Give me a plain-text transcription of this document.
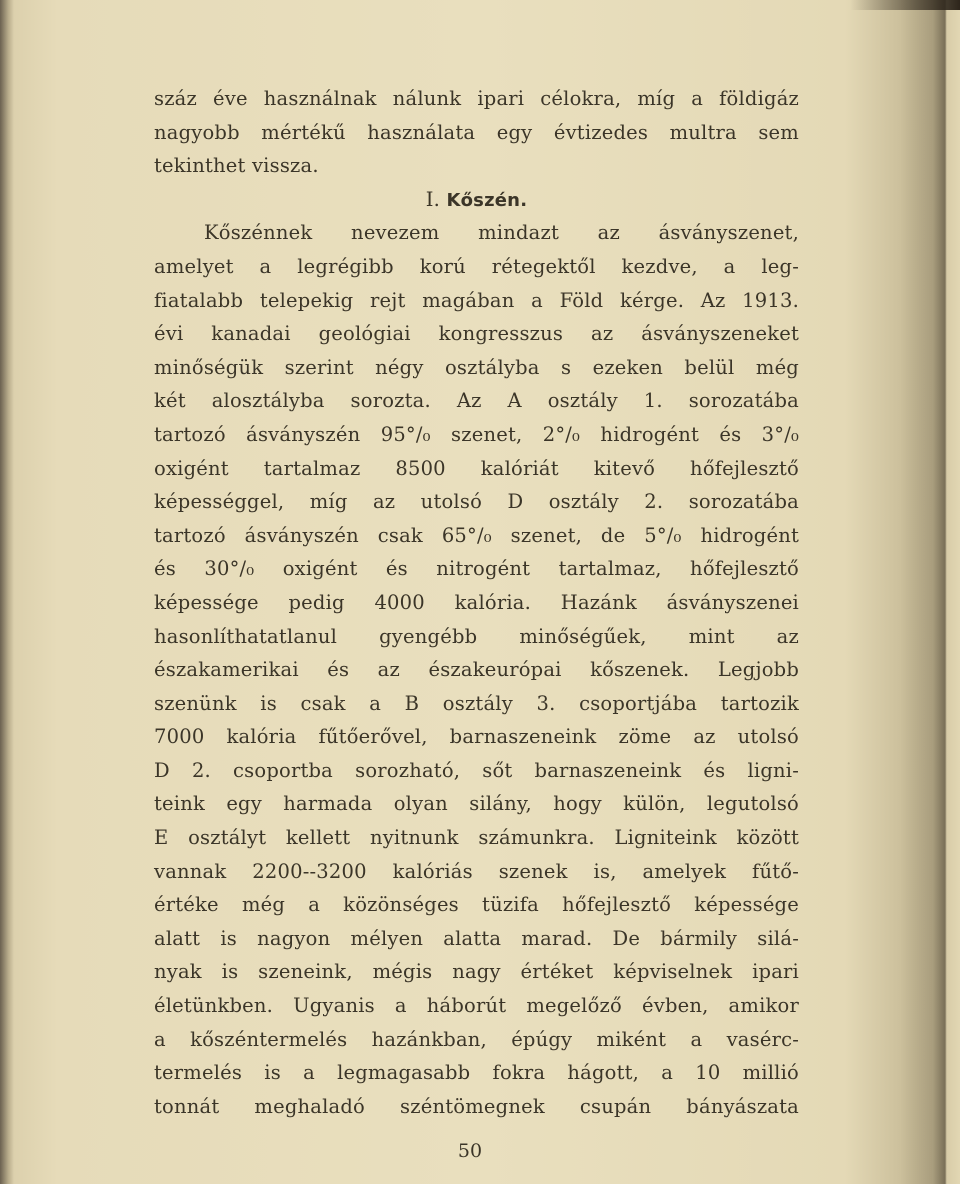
száz éve használnak nálunk ipari célokra, míg a földigáz
nagyobb mértékű használata egy évtizedes multra sem
tekinthet vissza.
I. Kőszén.
Kőszénnek nevezem mindazt az ásványszenet,
amelyet a legrégibb korú rétegektől kezdve, a leg-
fiatalabb telepekig rejt magában a Föld kérge. Az 1913.
évi kanadai geológiai kongresszus az ásványszeneket
minőségük szerint négy osztályba s ezeken belül még
két alosztályba sorozta. Az A osztály 1. sorozatába
tartozó ásványszén 95°/₀ szenet, 2°/₀ hidrogént és 3°/₀
oxigént tartalmaz 8500 kalóriát kitevő hőfejlesztő
képességgel, míg az utolsó D osztály 2. sorozatába
tartozó ásványszén csak 65°/₀ szenet, de 5°/₀ hidrogént
és 30°/₀ oxigént és nitrogént tartalmaz, hőfejlesztő
képessége pedig 4000 kalória. Hazánk ásványszenei
hasonlíthatatlanul gyengébb minőségűek, mint az
északamerikai és az északeurópai kőszenek. Legjobb
szenünk is csak a B osztály 3. csoportjába tartozik
7000 kalória fűtőerővel, barnaszeneink zöme az utolsó
D 2. csoportba sorozható, sőt barnaszeneink és ligni-
teink egy harmada olyan silány, hogy külön, legutolsó
E osztályt kellett nyitnunk számunkra. Ligniteink között
vannak 2200--3200 kalóriás szenek is, amelyek fűtő-
értéke még a közönséges tüzifa hőfejlesztő képessége
alatt is nagyon mélyen alatta marad. De bármily silá-
nyak is szeneink, mégis nagy értéket képviselnek ipari
életünkben. Ugyanis a háborút megelőző évben, amikor
a kőszéntermelés hazánkban, épúgy miként a vasérc-
termelés is a legmagasabb fokra hágott, a 10 millió
tonnát meghaladó széntömegnek csupán bányászata
50
